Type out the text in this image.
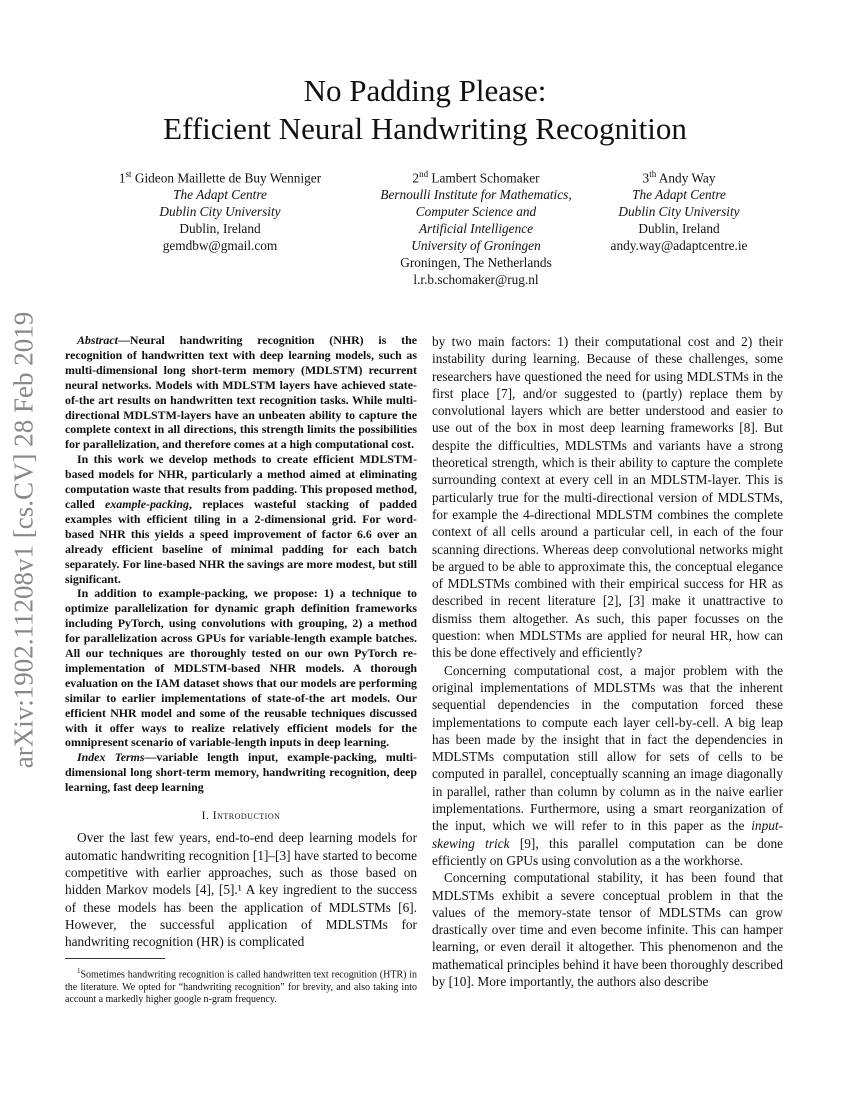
arXiv:1902.11208v1 [cs.CV] 28 Feb 2019
No Padding Please:
Efficient Neural Handwriting Recognition
1st Gideon Maillette de Buy Wenniger
The Adapt Centre
Dublin City University
Dublin, Ireland
gemdbw@gmail.com
2nd Lambert Schomaker
Bernoulli Institute for Mathematics,
Computer Science and
Artificial Intelligence
University of Groningen
Groningen, The Netherlands
l.r.b.schomaker@rug.nl
3th Andy Way
The Adapt Centre
Dublin City University
Dublin, Ireland
andy.way@adaptcentre.ie

Abstract—Neural handwriting recognition (NHR) is the recognition of handwritten text with deep learning models, such as multi-dimensional long short-term memory (MDLSTM) recurrent neural networks. Models with MDLSTM layers have achieved state-of-the art results on handwritten text recognition tasks. While multi-directional MDLSTM-layers have an unbeaten ability to capture the complete context in all directions, this strength limits the possibilities for parallelization, and therefore comes at a high computational cost.

In this work we develop methods to create efficient MDLSTM-based models for NHR, particularly a method aimed at eliminating computation waste that results from padding. This proposed method, called example-packing, replaces wasteful stacking of padded examples with efficient tiling in a 2-dimensional grid. For word-based NHR this yields a speed improvement of factor 6.6 over an already efficient baseline of minimal padding for each batch separately. For line-based NHR the savings are more modest, but still significant.

In addition to example-packing, we propose: 1) a technique to optimize parallelization for dynamic graph definition frameworks including PyTorch, using convolutions with grouping, 2) a method for parallelization across GPUs for variable-length example batches. All our techniques are thoroughly tested on our own PyTorch re-implementation of MDLSTM-based NHR models. A thorough evaluation on the IAM dataset shows that our models are performing similar to earlier implementations of state-of-the art models. Our efficient NHR model and some of the reusable techniques discussed with it offer ways to realize relatively efficient models for the omnipresent scenario of variable-length inputs in deep learning.

Index Terms—variable length input, example-packing, multi-dimensional long short-term memory, handwriting recognition, deep learning, fast deep learning

I. Introduction

Over the last few years, end-to-end deep learning models for automatic handwriting recognition [1]–[3] have started to become competitive with earlier approaches, such as those based on hidden Markov models [4], [5].¹ A key ingredient to the success of these models has been the application of MDLSTMs [6]. However, the successful application of MDLSTMs for handwriting recognition (HR) is complicated

$^1$Sometimes handwriting recognition is called handwritten text recognition (HTR) in the literature. We opted for “handwriting recognition” for brevity, and also taking into account a markedly higher google n-gram frequency.

by two main factors: 1) their computational cost and 2) their instability during learning. Because of these challenges, some researchers have questioned the need for using MDLSTMs in the first place [7], and/or suggested to (partly) replace them by convolutional layers which are better understood and easier to use out of the box in most deep learning frameworks [8]. But despite the difficulties, MDLSTMs and variants have a strong theoretical strength, which is their ability to capture the complete surrounding context at every cell in an MDLSTM-layer. This is particularly true for the multi-directional version of MDLSTMs, for example the 4-directional MDLSTM combines the complete context of all cells around a particular cell, in each of the four scanning directions. Whereas deep convolutional networks might be argued to be able to approximate this, the conceptual elegance of MDLSTMs combined with their empirical success for HR as described in recent literature [2], [3] make it unattractive to dismiss them altogether. As such, this paper focusses on the question: when MDLSTMs are applied for neural HR, how can this be done effectively and efficiently?

Concerning computational cost, a major problem with the original implementations of MDLSTMs was that the inherent sequential dependencies in the computation forced these implementations to compute each layer cell-by-cell. A big leap has been made by the insight that in fact the dependencies in MDLSTMs computation still allow for sets of cells to be computed in parallel, conceptually scanning an image diagonally in parallel, rather than column by column as in the naive earlier implementations. Furthermore, using a smart reorganization of the input, which we will refer to in this paper as the input-skewing trick [9], this parallel computation can be done efficiently on GPUs using convolution as a the workhorse.

Concerning computational stability, it has been found that MDLSTMs exhibit a severe conceptual problem in that the values of the memory-state tensor of MDLSTMs can grow drastically over time and even become infinite. This can hamper learning, or even derail it altogether. This phenomenon and the mathematical principles behind it have been thoroughly described by [10]. More importantly, the authors also describe
